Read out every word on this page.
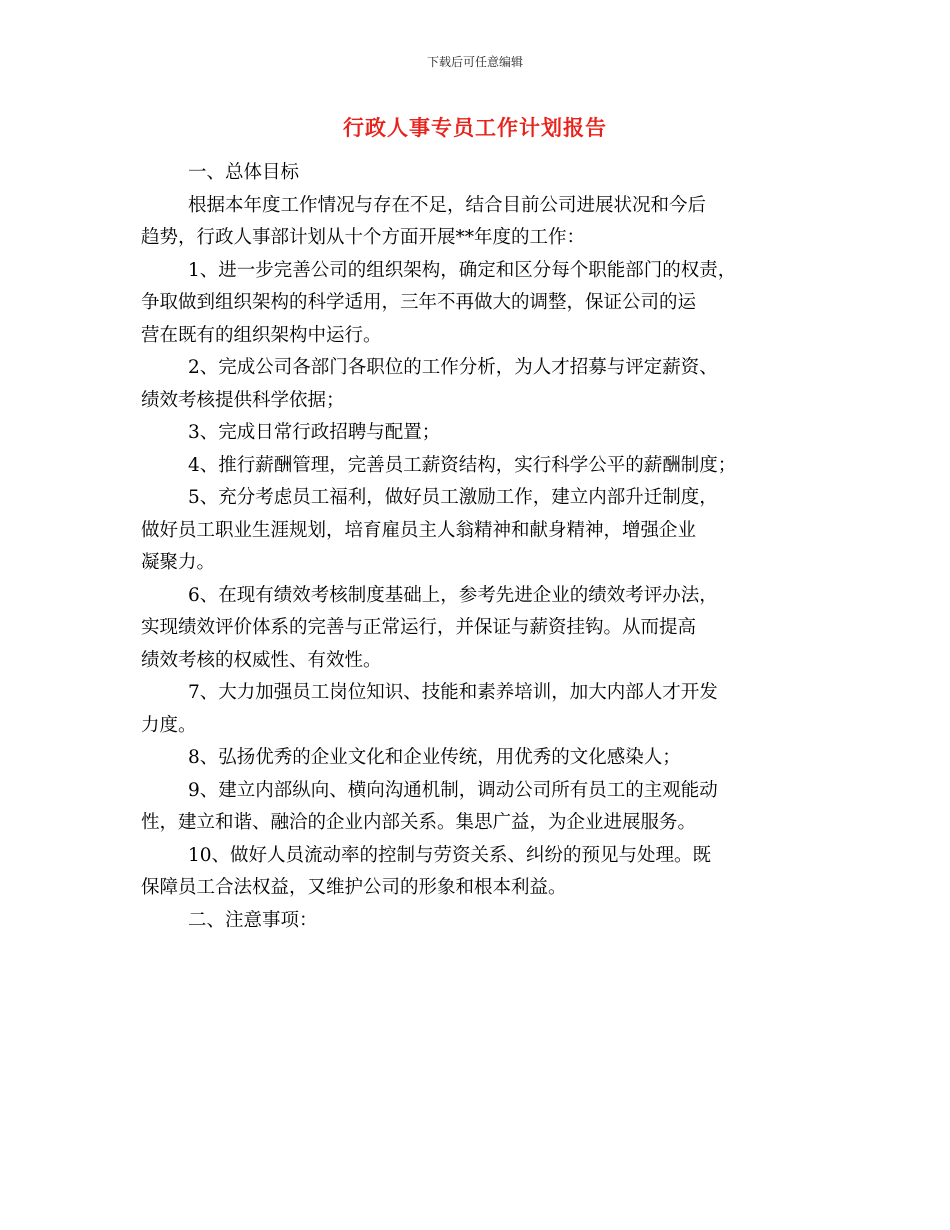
下载后可任意编辑
行政人事专员工作计划报告

一、总体目标

根据本年度工作情况与存在不足，结合目前公司进展状况和今后
趋势，行政人事部计划从十个方面开展**年度的工作：

1、进一步完善公司的组织架构，确定和区分每个职能部门的权责，
争取做到组织架构的科学适用，三年不再做大的调整，保证公司的运
营在既有的组织架构中运行。

2、完成公司各部门各职位的工作分析，为人才招募与评定薪资、
绩效考核提供科学依据；

3、完成日常行政招聘与配置；

4、推行薪酬管理，完善员工薪资结构，实行科学公平的薪酬制度；

5、充分考虑员工福利，做好员工激励工作，建立内部升迁制度，
做好员工职业生涯规划，培育雇员主人翁精神和献身精神，增强企业
凝聚力。

6、在现有绩效考核制度基础上，参考先进企业的绩效考评办法，
实现绩效评价体系的完善与正常运行，并保证与薪资挂钩。从而提高
绩效考核的权威性、有效性。

7、大力加强员工岗位知识、技能和素养培训，加大内部人才开发
力度。

8、弘扬优秀的企业文化和企业传统，用优秀的文化感染人；

9、建立内部纵向、横向沟通机制，调动公司所有员工的主观能动
性，建立和谐、融洽的企业内部关系。集思广益，为企业进展服务。

10、做好人员流动率的控制与劳资关系、纠纷的预见与处理。既
保障员工合法权益，又维护公司的形象和根本利益。

二、注意事项：
